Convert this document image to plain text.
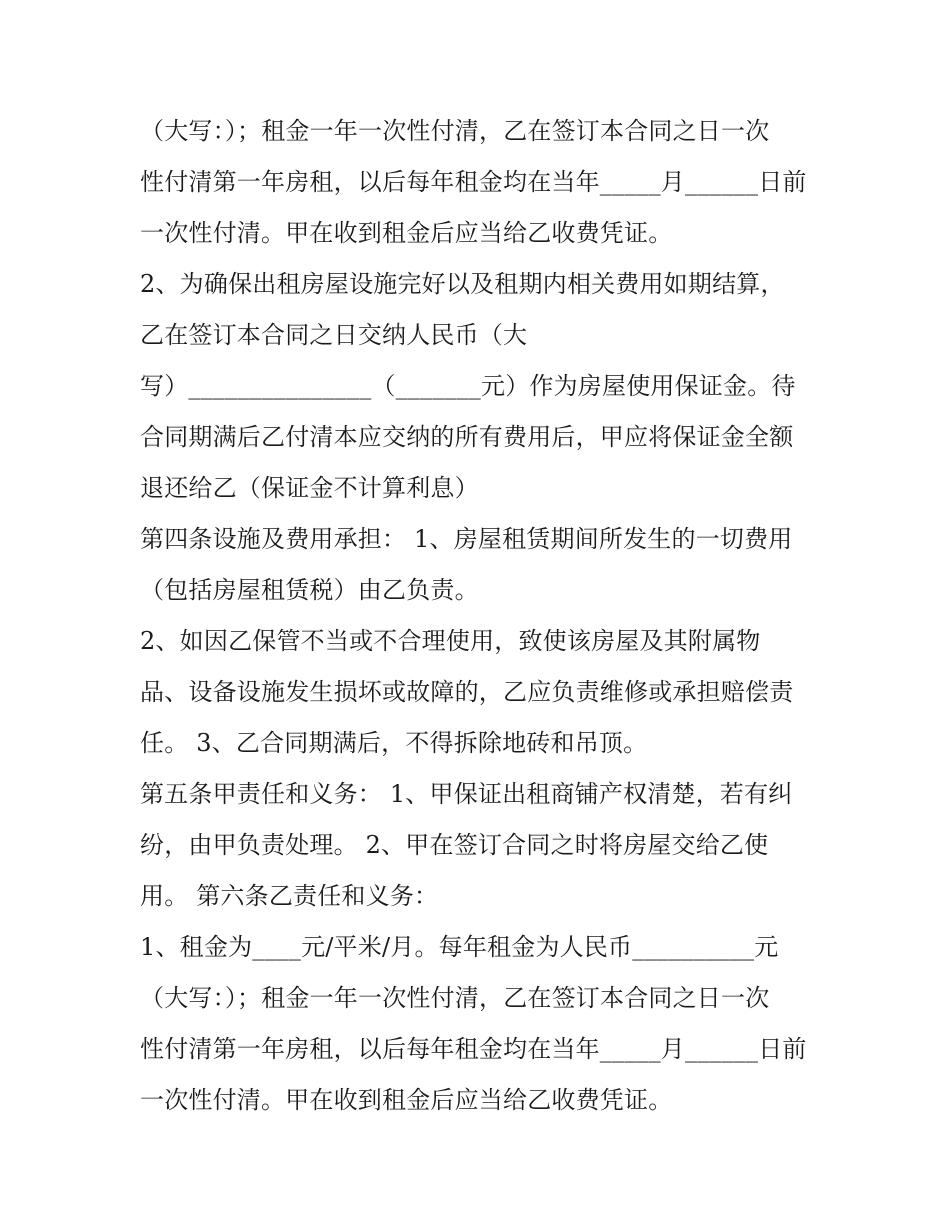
（大写：）；租金一年一次性付清，乙在签订本合同之日一次
性付清第一年房租，以后每年租金均在当年_____月______日前
一次性付清。甲在收到租金后应当给乙收费凭证。
2、为确保出租房屋设施完好以及租期内相关费用如期结算，
乙在签订本合同之日交纳人民币（大
写）_______________（_______元）作为房屋使用保证金。待
合同期满后乙付清本应交纳的所有费用后，甲应将保证金全额
退还给乙（保证金不计算利息）
第四条设施及费用承担： 1、房屋租赁期间所发生的一切费用
（包括房屋租赁税）由乙负责。
2、如因乙保管不当或不合理使用，致使该房屋及其附属物
品、设备设施发生损坏或故障的，乙应负责维修或承担赔偿责
任。 3、乙合同期满后，不得拆除地砖和吊顶。
第五条甲责任和义务： 1、甲保证出租商铺产权清楚，若有纠
纷，由甲负责处理。 2、甲在签订合同之时将房屋交给乙使
用。 第六条乙责任和义务：
1、租金为____元/平米/月。每年租金为人民币__________元
（大写：）；租金一年一次性付清，乙在签订本合同之日一次
性付清第一年房租，以后每年租金均在当年_____月______日前
一次性付清。甲在收到租金后应当给乙收费凭证。
